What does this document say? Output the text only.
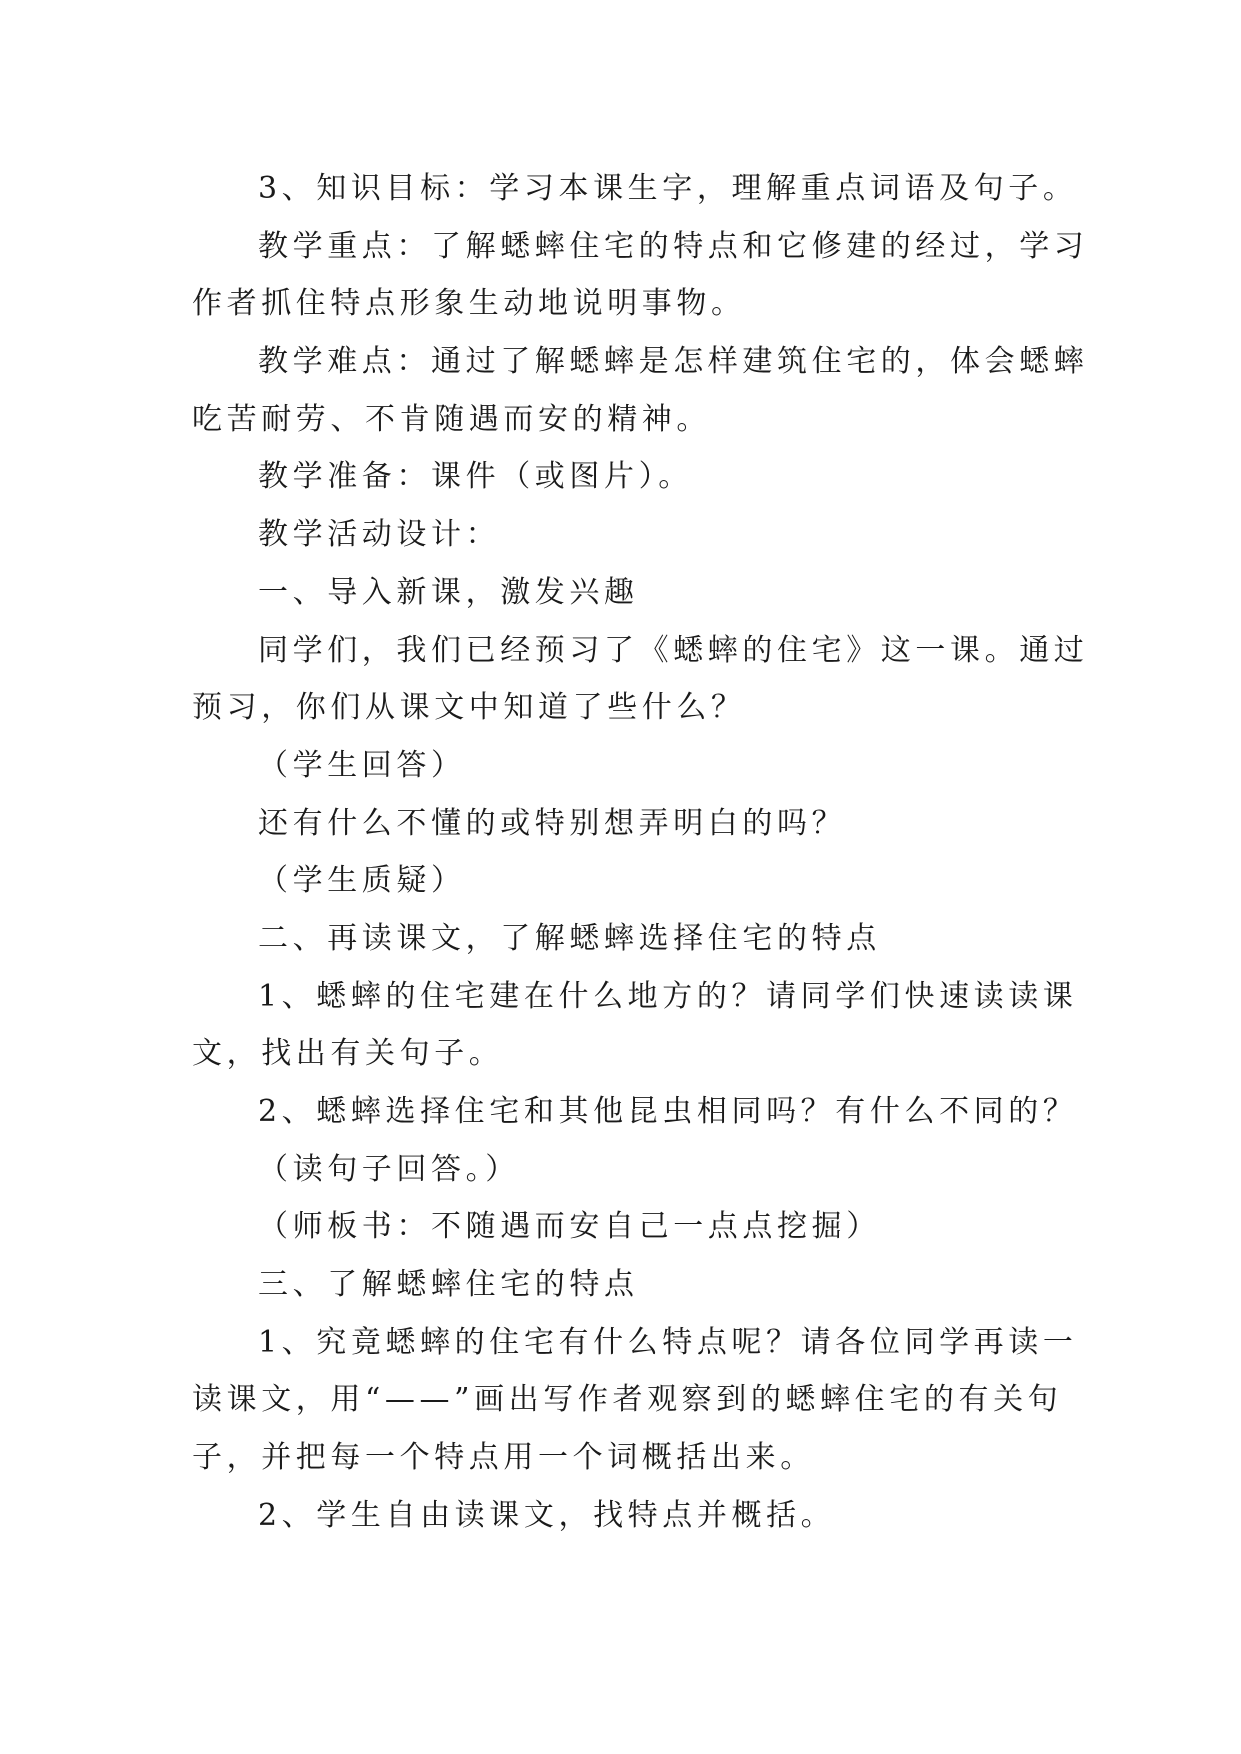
3、知识目标：学习本课生字，理解重点词语及句子。
教学重点：了解蟋蟀住宅的特点和它修建的经过，学习
作者抓住特点形象生动地说明事物。
教学难点：通过了解蟋蟀是怎样建筑住宅的，体会蟋蟀
吃苦耐劳、不肯随遇而安的精神。
教学准备：课件（或图片）。
教学活动设计：
一、导入新课，激发兴趣
同学们，我们已经预习了《蟋蟀的住宅》这一课。通过
预习，你们从课文中知道了些什么？
（学生回答）
还有什么不懂的或特别想弄明白的吗？
（学生质疑）
二、再读课文，了解蟋蟀选择住宅的特点
1、蟋蟀的住宅建在什么地方的？请同学们快速读读课
文，找出有关句子。
2、蟋蟀选择住宅和其他昆虫相同吗？有什么不同的？
（读句子回答。）
（师板书：不随遇而安自己一点点挖掘）
三、了解蟋蟀住宅的特点
1、究竟蟋蟀的住宅有什么特点呢？请各位同学再读一
读课文，用“——”画出写作者观察到的蟋蟀住宅的有关句
子，并把每一个特点用一个词概括出来。
2、学生自由读课文，找特点并概括。
